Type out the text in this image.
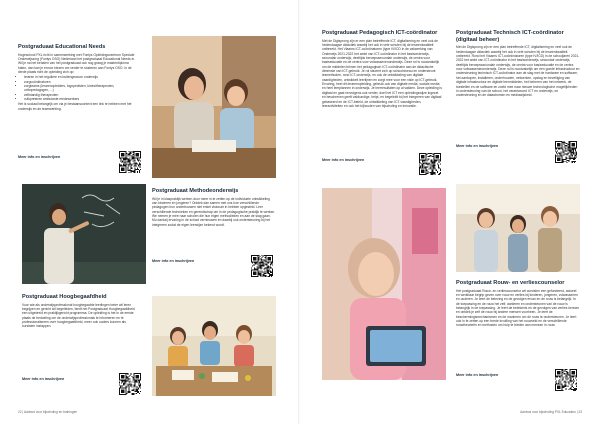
Postgraduaat Educational Needs

Hogeschool PXL richt in samenwerking met Fontys Opleidingscentrum Speciale Onderwijszorg (Fontys OSO) Nederland het postgraduaat Educational Needs in. Wil je na het behalen van het postgraduaat ook nog graag je masterdiploma halen, dan kan je ervoor kiezen om verder te studeren aan Fontys OSO. In de derde plaats richt de opleiding zich op:

• leraren in het reguliere en buitengewoon onderwijs
• zorgcoördinatoren
• zorgteams (lerarenopleiders, logopedisten, kinesitherapeuten, orthopedagogen, ...)
• zelfstandig therapeuten
• vulkpreteren ambulante medewerkers

Het is sociaal belangrijk om via je bestaanscontext een link te hebben met het onderwijs en de teamwerking.

Meer info en inschrijven
Postgraduaat Methodeonderwijs
Wil je in klaspraktijk werken door meer in te zetten op de individuele ontwikkeling van kinderen en jongeren? Ontdek dan samen met ons hoe verschillende pedagogen hun onderbouwen niet enkel visionair in hebben opgesteld. Leer verschillende technieken en gereedschap om in de pedagogische praktijk te werken. We nemen je mee naar scholen die hun eigen methodieken en aan de slag gaan. Mu dankzij ervaring in de school vernieuwen en daarbij ook ondersteuning bij het integreren zodat de eigen leerwijze bekend wordt.
Meer info en inschrijven
Postgraduaat Hoogbegaafdheid
Voor wie als onderwijsprofessional hoogbegaafde leerlingen beter wil leren begrijpen en gericht wil begeleiden, biedt het Postgraduaat Hoogbegaafdheid een uitgebreid en praktijkgericht programma. De opleiding is het in de eerste plaats de bedoeling om de onderwijsprofessionals te informeren en te professionaliseren over hoogbegaafdheid, meer ook ouders kunnen als cursisten instappen.
Meer info en inschrijven
22 | Aanbod voor bijscholing en trainingen
Postgraduaat Pedagogisch ICT-coördinator
Met de Digisprong zijn er een plan betreffende ICT, digitalisering en veel ook de hedendaagse didactiek waarbij het ook in vele scholen bij de lerarenkwaliteit ontbreekt. Het Vlaams ICT-coördinatoren (type IV/ICD in de vakwerking van Onderwijs 2021-2022 het ambt van ICT-coördinator in het basisonderwijs, secundair onderwijs, deeltijds beroepssecundair onderwijs, de centra voor basiseducatie en de centra voor volwassenenonderwijs. Deze rol is noodzakelijk om de middelen binnen het pedagogisch ICT-coördinator aan de didactische dimensie van ICT-gebruik. Je rol situeert zich op schoolniveau en ondersteunt lesmethoden, rond ICT-onderwijs, en ook de ontwikkeling van digitale vaardigheden, ontwikkelt leerlijnen en zorgt mee voor een visie op ICT-gebruik. Ervaring, heel dit lerarenopleiding, gebruik ook van digitale media, sociale media en heel leerplannen in onderwijs. Je leerresultaten op al vakken. Deze opleiding is digitaal en gaat vervolgens ook verder, doel het ICT een opleidingswijze ingezet en beschreven geeft vakkundige, helpt, en begeleidt bij het integreren van digitaal gebaseerd en de ICT-beleid, de ontwikkeling van ICT-vaardigheden, leeractiviteiten en ook het bijhouden van bijscholing en innovatie.
Meer info en inschrijven
Postgraduaat Technisch ICT-coördinator (digitaal beheer)
Met de Digisprong zijn er een plan betreffende ICT, digitalisering en veel ook de hedendaagse didactiek waarbij het ook in vele scholen bij de lerarenkwaliteit ontbreekt. Rond het Vlaams ICT-coördinatoren (type IV/ICD) in de schooljaren 2021-2022 het ambt van ICT-coördinator in het basisonderwijs, secundair onderwijs, deeltijds beroepssecundair onderwijs, de centra voor basiseducatie en de centra voor volwassenenonderwijs. Deze rol is noodzakelijk om een goede infrastructuur en ondersteuning technisch ICT-coördinator aan de slag met de hardware en software, het aankopen, installeren, onderhouden, netwerken, opslag en beveiliging van digitale infrastructuur en digitale leermiddelen, het beheren van het netwerk, de toestellen en de software en zoekt mee naar nieuwe technologische mogelijkheden in ondersteuning van de school, het verantwoord ICT en onderwijs, en ondersteuning en de datastromen en mediawijsheid.
Meer info en inschrijven
Postgraduaat Rouw- en verliescounselor
Het postgraduaat Rouw- en verliescounselor wil cursisten een gefundeerd, actueel en werkbaar begrip geven over rouw en verlies bij kinderen, jongeren, volwassenen en ouderen. Je leert de beleving en de gevolgen ervan en de rouw is belangrijk. In de toepassing en de rouw het zelf, aanleren en ondersteunen van de rouw is belangrijk in de toepassing. Je leert de betekenis en de gevolgen van verlies kennen en ontdek je zelf de rouw bij andere mensen voorheen. Je leert de beschermingsmechanismen en de manieren om de rouw te ondersteunen. Je leert ook in te zetten op een brede invulling van het rouwveld en de verschillende rouwtheorieën en methoden om hulp te bieden aan mensen in rouw.
Meer info en inschrijven
Aanbod voor bijscholing PXL Education | 23
